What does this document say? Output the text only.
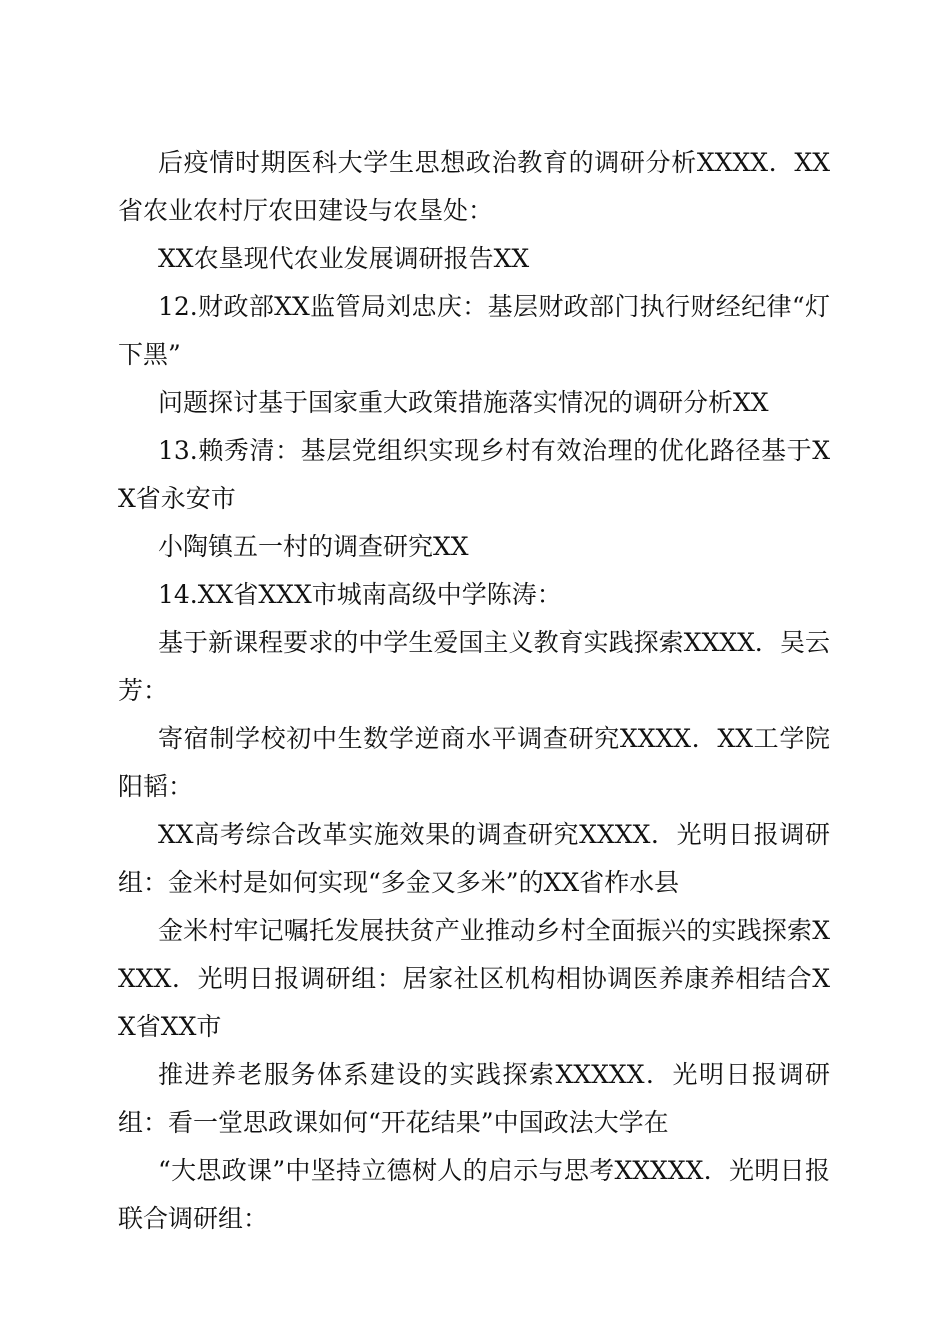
后疫情时期医科大学生思想政治教育的调研分析XXXX．XX省农业农村厅农田建设与农垦处：

XX农垦现代农业发展调研报告XX

12.财政部XX监管局刘忠庆：基层财政部门执行财经纪律“灯下黑”

问题探讨基于国家重大政策措施落实情况的调研分析XX

13.赖秀清：基层党组织实现乡村有效治理的优化路径基于XX省永安市

小陶镇五一村的调查研究XX

14.XX省XXX市城南高级中学陈涛：

基于新课程要求的中学生爱国主义教育实践探索XXXX．吴云芳：

寄宿制学校初中生数学逆商水平调查研究XXXX．XX工学院阳韬：

XX高考综合改革实施效果的调查研究XXXX．光明日报调研组：金米村是如何实现“多金又多米”的XX省柞水县

金米村牢记嘱托发展扶贫产业推动乡村全面振兴的实践探索XXXX．光明日报调研组：居家社区机构相协调医养康养相结合XX省XX市

推进养老服务体系建设的实践探索XXXXX．光明日报调研组：看一堂思政课如何“开花结果”中国政法大学在

“大思政课”中坚持立德树人的启示与思考XXXXX．光明日报联合调研组：
